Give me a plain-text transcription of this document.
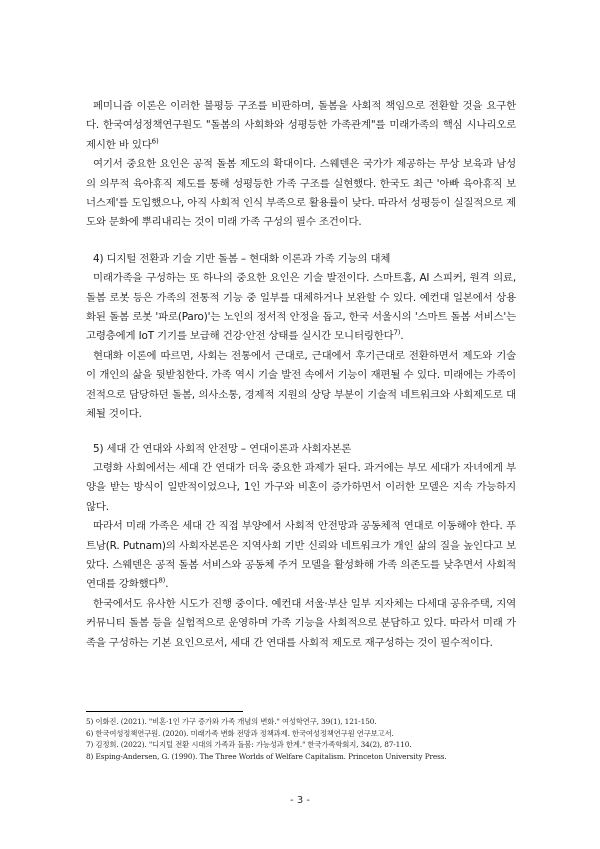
페미니즘 이론은 이러한 불평등 구조를 비판하며, 돌봄을 사회적 책임으로 전환할 것을 요구한다. 한국여성정책연구원도 "돌봄의 사회화와 성평등한 가족관계"를 미래가족의 핵심 시나리오로 제시한 바 있다$^{6)}$

여기서 중요한 요인은 공적 돌봄 제도의 확대이다. 스웨덴은 국가가 제공하는 무상 보육과 남성의 의무적 육아휴직 제도를 통해 성평등한 가족 구조를 실현했다. 한국도 최근 '아빠 육아휴직 보너스제'를 도입했으나, 아직 사회적 인식 부족으로 활용률이 낮다. 따라서 성평등이 실질적으로 제도와 문화에 뿌리내리는 것이 미래 가족 구성의 필수 조건이다.

4) 디지털 전환과 기술 기반 돌봄 – 현대화 이론과 가족 기능의 대체

미래가족을 구성하는 또 하나의 중요한 요인은 기술 발전이다. 스마트홈, AI 스피커, 원격 의료, 돌봄 로봇 등은 가족의 전통적 기능 중 일부를 대체하거나 보완할 수 있다. 예컨대 일본에서 상용화된 돌봄 로봇 '파로(Paro)'는 노인의 정서적 안정을 돕고, 한국 서울시의 '스마트 돌봄 서비스'는 고령층에게 IoT 기기를 보급해 건강·안전 상태를 실시간 모니터링한다$^{7)}$.

현대화 이론에 따르면, 사회는 전통에서 근대로, 근대에서 후기근대로 전환하면서 제도와 기술이 개인의 삶을 뒷받침한다. 가족 역시 기술 발전 속에서 기능이 재편될 수 있다. 미래에는 가족이 전적으로 담당하던 돌봄, 의사소통, 경제적 지원의 상당 부분이 기술적 네트워크와 사회제도로 대체될 것이다.

5) 세대 간 연대와 사회적 안전망 – 연대이론과 사회자본론

고령화 사회에서는 세대 간 연대가 더욱 중요한 과제가 된다. 과거에는 부모 세대가 자녀에게 부양을 받는 방식이 일반적이었으나, 1인 가구와 비혼이 증가하면서 이러한 모델은 지속 가능하지 않다.

따라서 미래 가족은 세대 간 직접 부양에서 사회적 안전망과 공동체적 연대로 이동해야 한다. 푸트남(R. Putnam)의 사회자본론은 지역사회 기반 신뢰와 네트워크가 개인 삶의 질을 높인다고 보았다. 스웨덴은 공적 돌봄 서비스와 공동체 주거 모델을 활성화해 가족 의존도를 낮추면서 사회적 연대를 강화했다$^{8)}$.

한국에서도 유사한 시도가 진행 중이다. 예컨대 서울·부산 일부 지자체는 다세대 공유주택, 지역 커뮤니티 돌봄 등을 실험적으로 운영하며 가족 기능을 사회적으로 분담하고 있다. 따라서 미래 가족을 구성하는 기본 요인으로서, 세대 간 연대를 사회적 제도로 재구성하는 것이 필수적이다.

5) 이화진. (2021). "비혼·1인 가구 증가와 가족 개념의 변화." 여성학연구, 39(1), 121-150.
6) 한국여성정책연구원. (2020). 미래가족 변화 전망과 정책과제. 한국여성정책연구원 연구보고서.
7) 김정희. (2022). "디지털 전환 시대의 가족과 돌봄: 가능성과 한계." 한국가족학회지, 34(2), 87-110.
8) Esping-Andersen, G. (1990). The Three Worlds of Welfare Capitalism. Princeton University Press.
- 3 -
